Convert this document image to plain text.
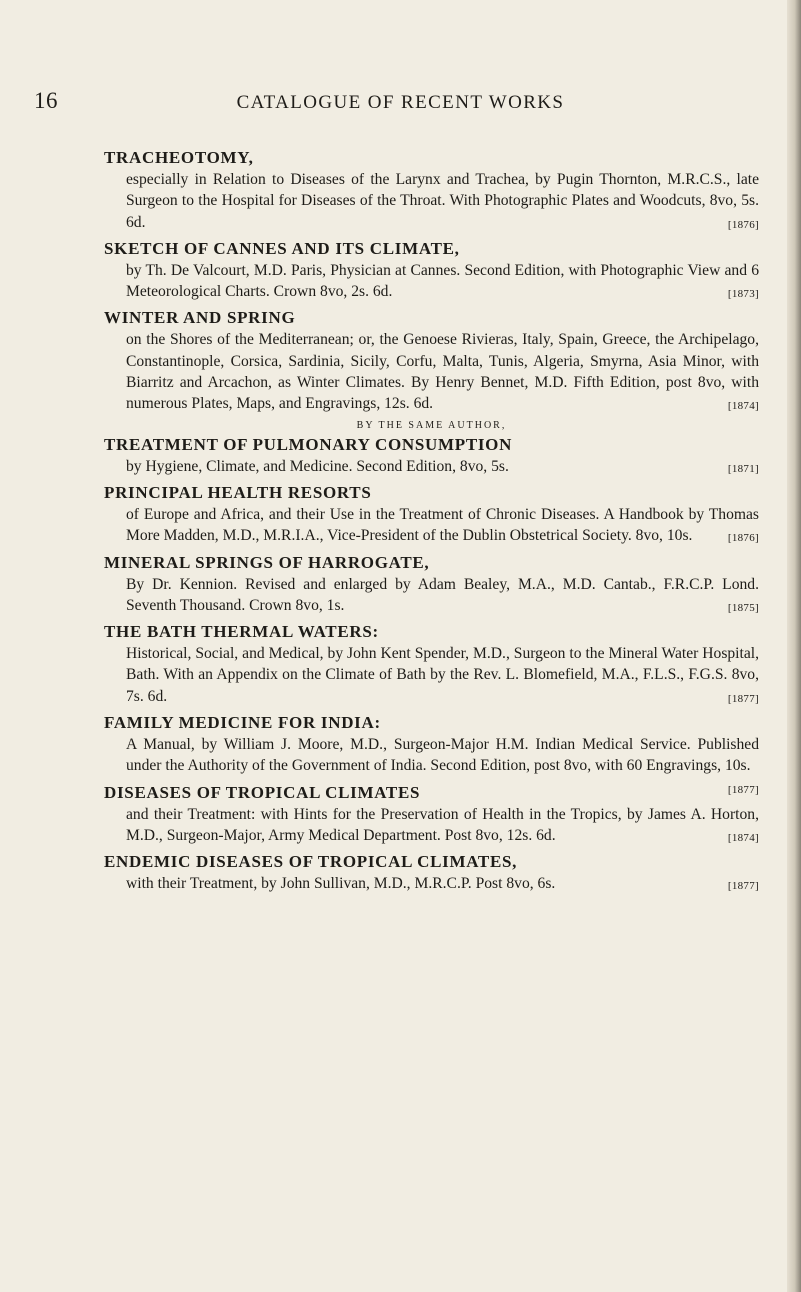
16	CATALOGUE OF RECENT WORKS

TRACHEOTOMY,

especially in Relation to Diseases of the Larynx and Trachea, by Pugin Thornton, M.R.C.S., late Surgeon to the Hospital for Diseases of the Throat. With Photographic Plates and Woodcuts, 8vo, 5s. 6d.	[1876]

SKETCH OF CANNES AND ITS CLIMATE,

by Th. De Valcourt, M.D. Paris, Physician at Cannes. Second Edition, with Photographic View and 6 Meteorological Charts. Crown 8vo, 2s. 6d.	[1873]

WINTER AND SPRING

on the Shores of the Mediterranean; or, the Genoese Rivieras, Italy, Spain, Greece, the Archipelago, Constantinople, Corsica, Sardinia, Sicily, Corfu, Malta, Tunis, Algeria, Smyrna, Asia Minor, with Biarritz and Arcachon, as Winter Climates. By Henry Bennet, M.D. Fifth Edition, post 8vo, with numerous Plates, Maps, and Engravings, 12s. 6d.	[1874]

BY THE SAME AUTHOR,

TREATMENT OF PULMONARY CONSUMPTION

by Hygiene, Climate, and Medicine. Second Edition, 8vo, 5s.	[1871]

PRINCIPAL HEALTH RESORTS

of Europe and Africa, and their Use in the Treatment of Chronic Diseases. A Handbook by Thomas More Madden, M.D., M.R.I.A., Vice-President of the Dublin Obstetrical Society. 8vo, 10s.	[1876]

MINERAL SPRINGS OF HARROGATE,

By Dr. Kennion. Revised and enlarged by Adam Bealey, M.A., M.D. Cantab., F.R.C.P. Lond. Seventh Thousand. Crown 8vo, 1s.	[1875]

THE BATH THERMAL WATERS:

Historical, Social, and Medical, by John Kent Spender, M.D., Surgeon to the Mineral Water Hospital, Bath. With an Appendix on the Climate of Bath by the Rev. L. Blomefield, M.A., F.L.S., F.G.S. 8vo, 7s. 6d.	[1877]

FAMILY MEDICINE FOR INDIA:

A Manual, by William J. Moore, M.D., Surgeon-Major H.M. Indian Medical Service. Published under the Authority of the Government of India. Second Edition, post 8vo, with 60 Engravings, 10s.
[1877]

DISEASES OF TROPICAL CLIMATES

and their Treatment: with Hints for the Preservation of Health in the Tropics, by James A. Horton, M.D., Surgeon-Major, Army Medical Department. Post 8vo, 12s. 6d.	[1874]

ENDEMIC DISEASES OF TROPICAL CLIMATES,

with their Treatment, by John Sullivan, M.D., M.R.C.P. Post 8vo, 6s.	[1877]
